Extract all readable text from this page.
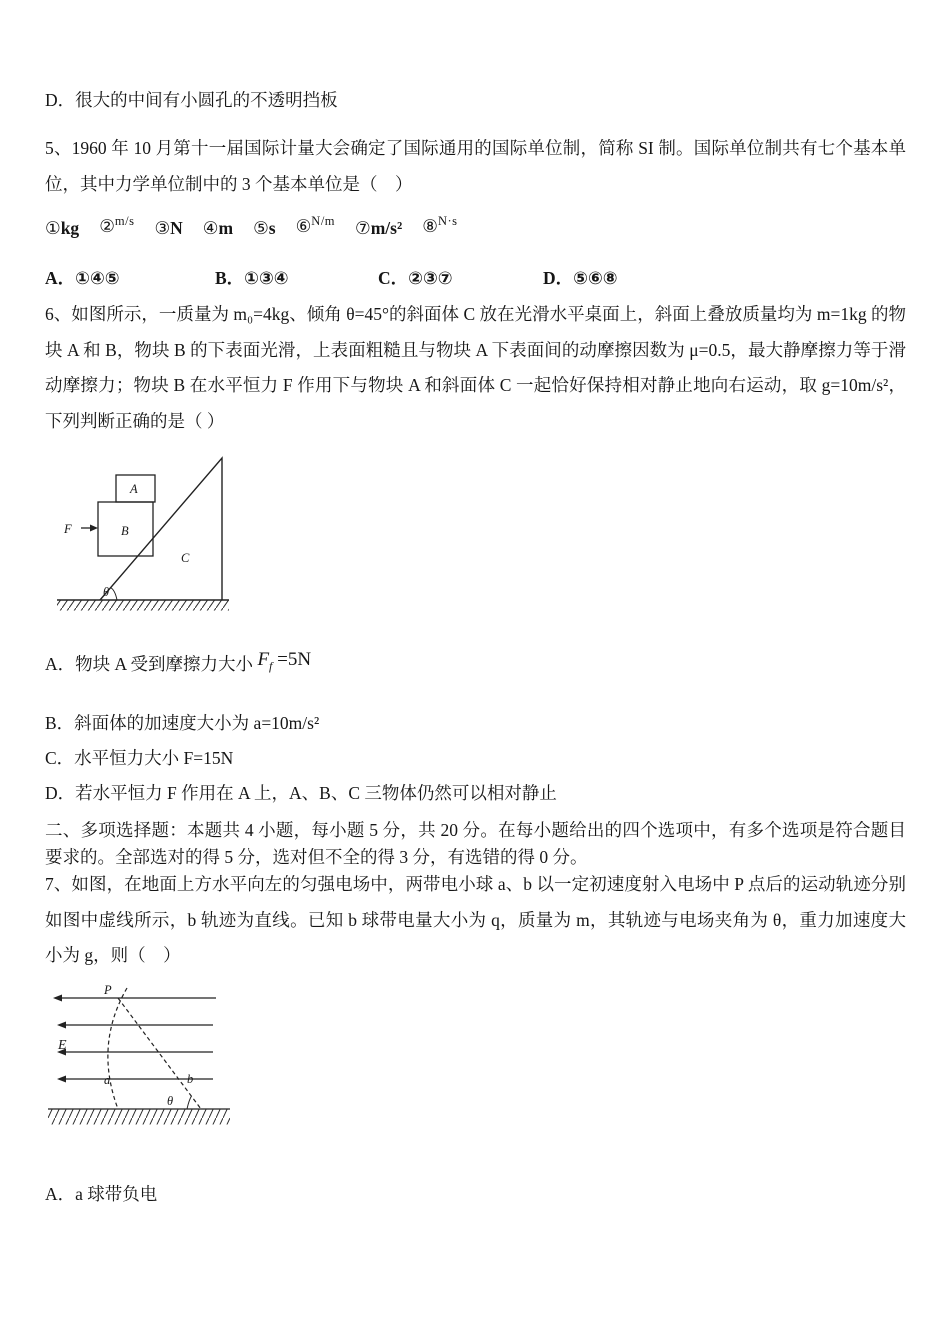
D．很大的中间有小圆孔的不透明挡板
5、1960 年 10 月第十一届国际计量大会确定了国际通用的国际单位制，简称 SI 制。国际单位制共有七个基本单位，其中力学单位制中的 3 个基本单位是（　）
①kg ②$^{m/s}$ ③N ④m ⑤s ⑥$^{N/m}$ ⑦m/s² ⑧$^{N\cdot s}$
A．①④⑤	B．①③④	C．②③⑦	D．⑤⑥⑧
6、如图所示，一质量为 m₀=4kg、倾角 θ=45°的斜面体 C 放在光滑水平桌面上，斜面上叠放质量均为 m=1kg 的物块 A 和 B，物块 B 的下表面光滑，上表面粗糙且与物块 A 下表面间的动摩擦因数为 μ=0.5，最大静摩擦力等于滑动摩擦力；物块 B 在水平恒力 F 作用下与物块 A 和斜面体 C 一起恰好保持相对静止地向右运动，取 g=10m/s²，下列判断正确的是（ ）
F
A
B
C
θ
A．物块 A 受到摩擦力大小 $F_f =5N$
B．斜面体的加速度大小为 a=10m/s²
C．水平恒力大小 F=15N
D．若水平恒力 F 作用在 A 上，A、B、C 三物体仍然可以相对静止
二、多项选择题：本题共 4 小题，每小题 5 分，共 20 分。在每小题给出的四个选项中，有多个选项是符合题目要求的。全部选对的得 5 分，选对但不全的得 3 分，有选错的得 0 分。
7、如图，在地面上方水平向左的匀强电场中，两带电小球 a、b 以一定初速度射入电场中 P 点后的运动轨迹分别如图中虚线所示，b 轨迹为直线。已知 b 球带电量大小为 q，质量为 m，其轨迹与电场夹角为 θ，重力加速度大小为 g，则（　）
P
E
a	b
θ
A．a 球带负电
